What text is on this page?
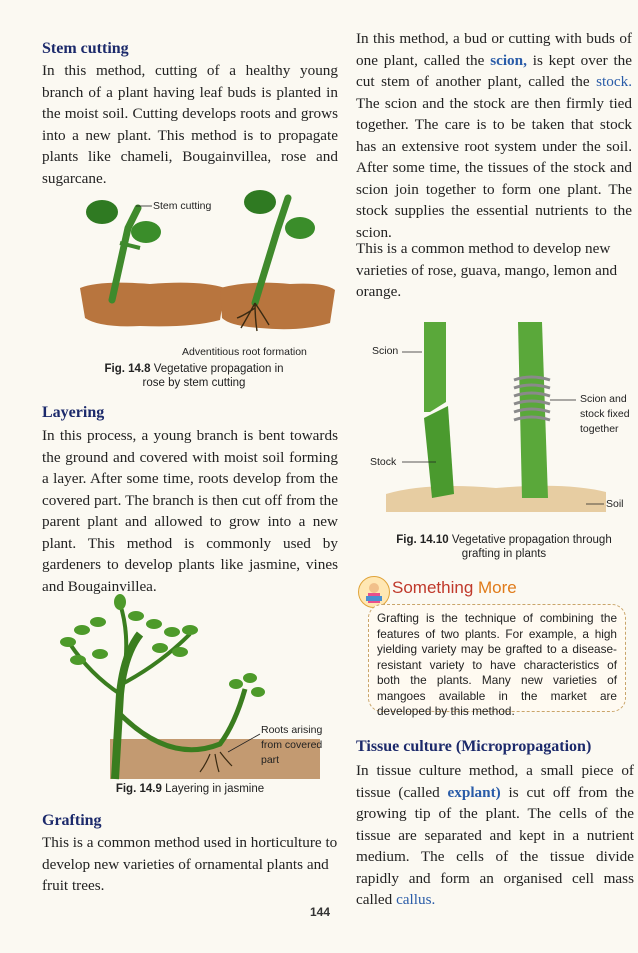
Stem cutting
In this method, cutting of a healthy young branch of a plant having leaf buds is planted in the moist soil. Cutting develops roots and grows into a new plant. This method is to propagate plants like chameli, Bougainvillea, rose and sugarcane.
Stem cutting
Adventitious root formation
Fig. 14.8 Vegetative propagation in rose by stem cutting
Layering
In this process, a young branch is bent towards the ground and covered with moist soil forming a layer. After some time, roots develop from the covered part. The branch is then cut off from the parent plant and allowed to grow into a new plant. This method is commonly used by gardeners to develop plants like jasmine, vines and Bougainvillea.
Roots arising from covered part
Fig. 14.9 Layering in jasmine
Grafting
This is a common method used in horticulture to develop new varieties of ornamental plants and fruit trees.
In this method, a bud or cutting with buds of one plant, called the scion, is kept over the cut stem of another plant, called the stock. The scion and the stock are then firmly tied together. The care is to be taken that stock has an extensive root system under the soil. After some time, the tissues of the stock and scion join together to form one plant. The stock supplies the essential nutrients to the scion.
This is a common method to develop new varieties of rose, guava, mango, lemon and orange.
Scion
Stock
Scion and stock fixed together
Soil
Fig. 14.10 Vegetative propagation through grafting in plants
Something More
Grafting is the technique of combining the features of two plants. For example, a high yielding variety may be grafted to a disease-resistant variety to have characteristics of both the plants. Many new varieties of mangoes available in the market are developed by this method.
Tissue culture (Micropropagation)
In tissue culture method, a small piece of tissue (called explant) is cut off from the growing tip of the plant. The cells of the tissue are separated and kept in a nutrient medium. The cells of the tissue divide rapidly and form an organised cell mass called callus.
144
